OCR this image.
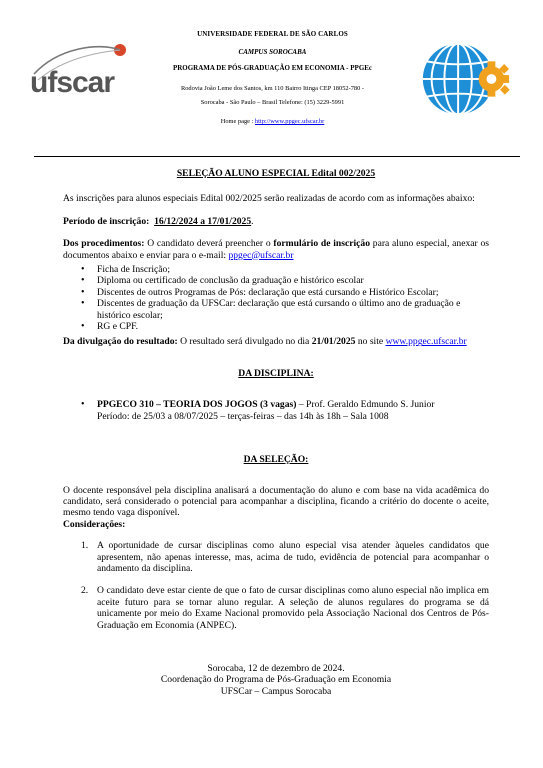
ufscar
UNIVERSIDADE FEDERAL DE SÃO CARLOS
CAMPUS SOROCABA
PROGRAMA DE PÓS-GRADUAÇÃO EM ECONOMIA - PPGEc
Rodovia João Leme dos Santos, km 110 Bairro Itinga CEP 18052-780 -
Sorocaba - São Paulo – Brasil Telefone: (15) 3229-5991
Home page : http://www.ppgec.ufscar.br
SELEÇÃO ALUNO ESPECIAL Edital 002/2025

As inscrições para alunos especiais Edital 002/2025 serão realizadas de acordo com as informações abaixo:

Período de inscrição: 16/12/2024 a 17/01/2025.

Dos procedimentos: O candidato deverá preencher o formulário de inscrição para aluno especial, anexar os documentos abaixo e enviar para o e-mail: ppgec@ufscar.br

• Ficha de Inscrição;
• Diploma ou certificado de conclusão da graduação e histórico escolar
• Discentes de outros Programas de Pós: declaração que está cursando e Histórico Escolar;
• Discentes de graduação da UFSCar: declaração que está cursando o último ano de graduação e histórico escolar;
• RG e CPF.

Da divulgação do resultado: O resultado será divulgado no dia 21/01/2025 no site www.ppgec.ufscar.br

DA DISCIPLINA:
• PPGECO 310 – TEORIA DOS JOGOS (3 vagas) – Prof. Geraldo Edmundo S. Junior
Período: de 25/03 a 08/07/2025 – terças-feiras – das 14h às 18h – Sala 1008
DA SELEÇÃO:

O docente responsável pela disciplina analisará a documentação do aluno e com base na vida acadêmica do candidato, será considerado o potencial para acompanhar a disciplina, ficando a critério do docente o aceite, mesmo tendo vaga disponível.

Considerações:

1. A oportunidade de cursar disciplinas como aluno especial visa atender àqueles candidatos que apresentem, não apenas interesse, mas, acima de tudo, evidência de potencial para acompanhar o andamento da disciplina.
2. O candidato deve estar ciente de que o fato de cursar disciplinas como aluno especial não implica em aceite futuro para se tornar aluno regular. A seleção de alunos regulares do programa se dá unicamente por meio do Exame Nacional promovido pela Associação Nacional dos Centros de Pós-Graduação em Economia (ANPEC).
Sorocaba, 12 de dezembro de 2024.
Coordenação do Programa de Pós-Graduação em Economia
UFSCar – Campus Sorocaba
